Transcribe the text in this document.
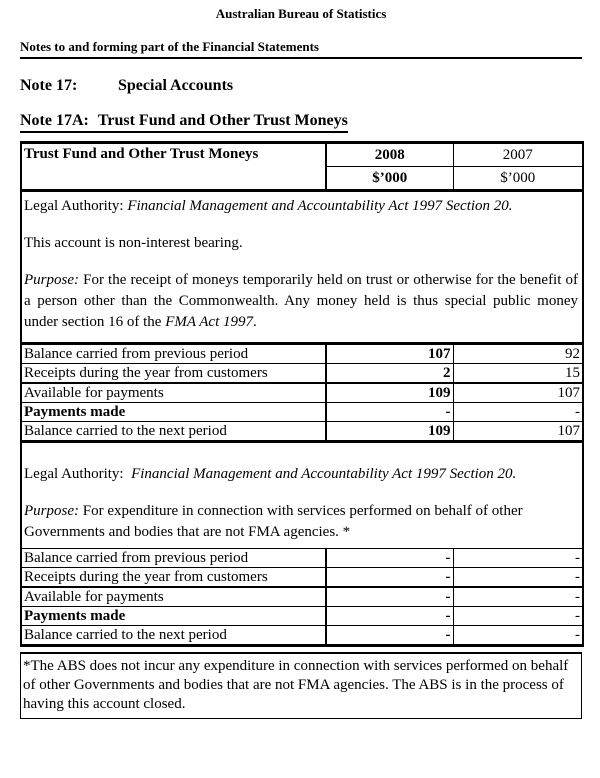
Australian Bureau of Statistics
Notes to and forming part of the Financial Statements
Note 17:	Special Accounts
Note 17A: Trust Fund and Other Trust Moneys
Trust Fund and Other Trust Moneys	2008	2007
	$’000	$’000

Legal Authority: Financial Management and Accountability Act 1997 Section 20.

This account is non-interest bearing.

Purpose: For the receipt of moneys temporarily held on trust or otherwise for the benefit of a person other than the Commonwealth. Any money held is thus special public money under section 16 of the FMA Act 1997.		

Balance carried from previous period	107	92
Receipts during the year from customers	2	15
Available for payments	109	107
Payments made	-	-
Balance carried to the next period	109	107

Legal Authority: Financial Management and Accountability Act 1997 Section 20.

Purpose: For expenditure in connection with services performed on behalf of other Governments and bodies that are not FMA agencies. *		

Balance carried from previous period	-	-
Receipts during the year from customers	-	-
Available for payments	-	-
Payments made	-	-
Balance carried to the next period	-	-
*The ABS does not incur any expenditure in connection with services performed on behalf of other Governments and bodies that are not FMA agencies. The ABS is in the process of having this account closed.
